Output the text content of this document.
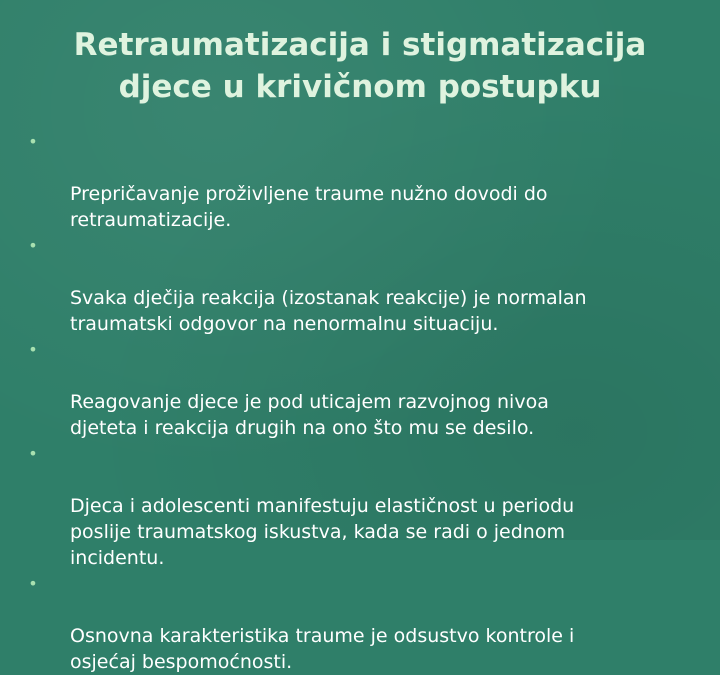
Retraumatizacija i stigmatizacija
djece u krivičnom postupku

•

Prepričavanje proživljene traume nužno dovodi do
retraumatizacije.

•

Svaka dječija reakcija (izostanak reakcije) je normalan
traumatski odgovor na nenormalnu situaciju.

•

Reagovanje djece je pod uticajem razvojnog nivoa
djeteta i reakcija drugih na ono što mu se desilo.

•

Djeca i adolescenti manifestuju elastičnost u periodu
poslije traumatskog iskustva, kada se radi o jednom
incidentu.

•

Osnovna karakteristika traume je odsustvo kontrole i
osjećaj bespomoćnosti.
